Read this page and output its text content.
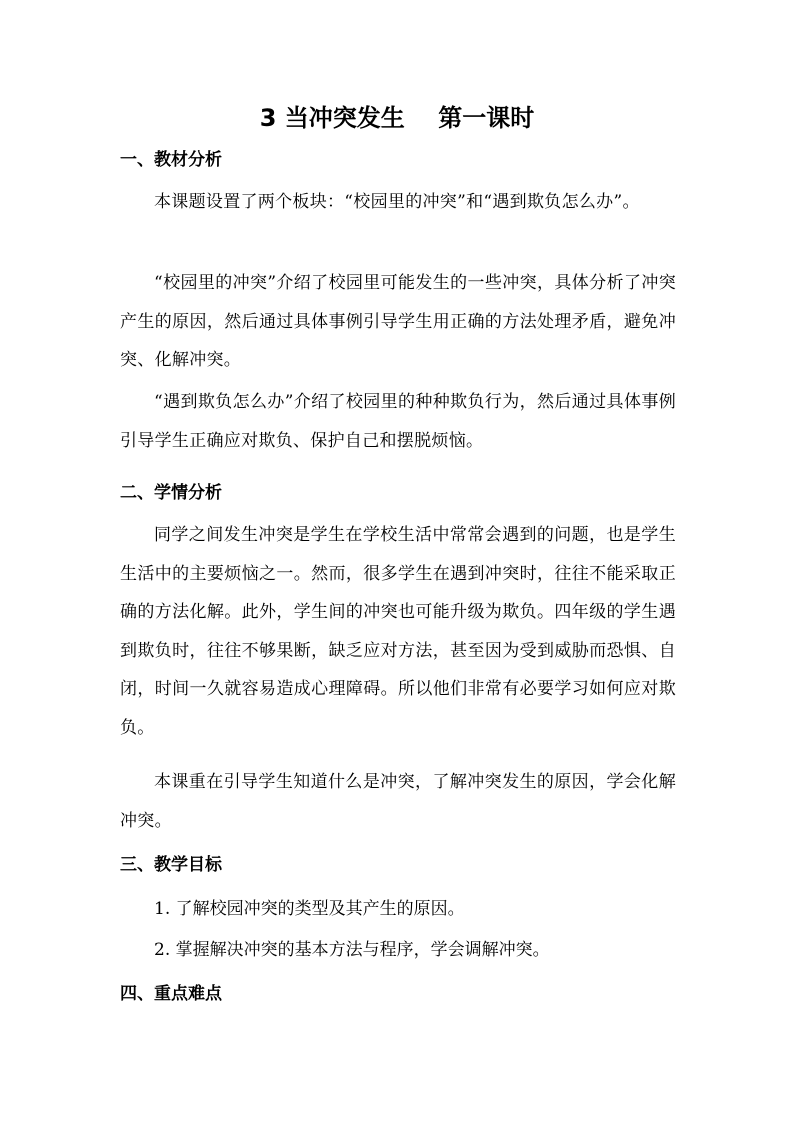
3 当冲突发生    第一课时
一、教材分析
本课题设置了两个板块：“校园里的冲突”和“遇到欺负怎么办”。
“校园里的冲突”介绍了校园里可能发生的一些冲突，具体分析了冲突产生的原因，然后通过具体事例引导学生用正确的方法处理矛盾，避免冲突、化解冲突。
“遇到欺负怎么办”介绍了校园里的种种欺负行为，然后通过具体事例引导学生正确应对欺负、保护自己和摆脱烦恼。
二、学情分析
同学之间发生冲突是学生在学校生活中常常会遇到的问题，也是学生生活中的主要烦恼之一。然而，很多学生在遇到冲突时，往往不能采取正确的方法化解。此外，学生间的冲突也可能升级为欺负。四年级的学生遇到欺负时，往往不够果断，缺乏应对方法，甚至因为受到威胁而恐惧、自闭，时间一久就容易造成心理障碍。所以他们非常有必要学习如何应对欺负。
本课重在引导学生知道什么是冲突，了解冲突发生的原因，学会化解冲突。
三、教学目标
1. 了解校园冲突的类型及其产生的原因。
2. 掌握解决冲突的基本方法与程序，学会调解冲突。
四、重点难点
